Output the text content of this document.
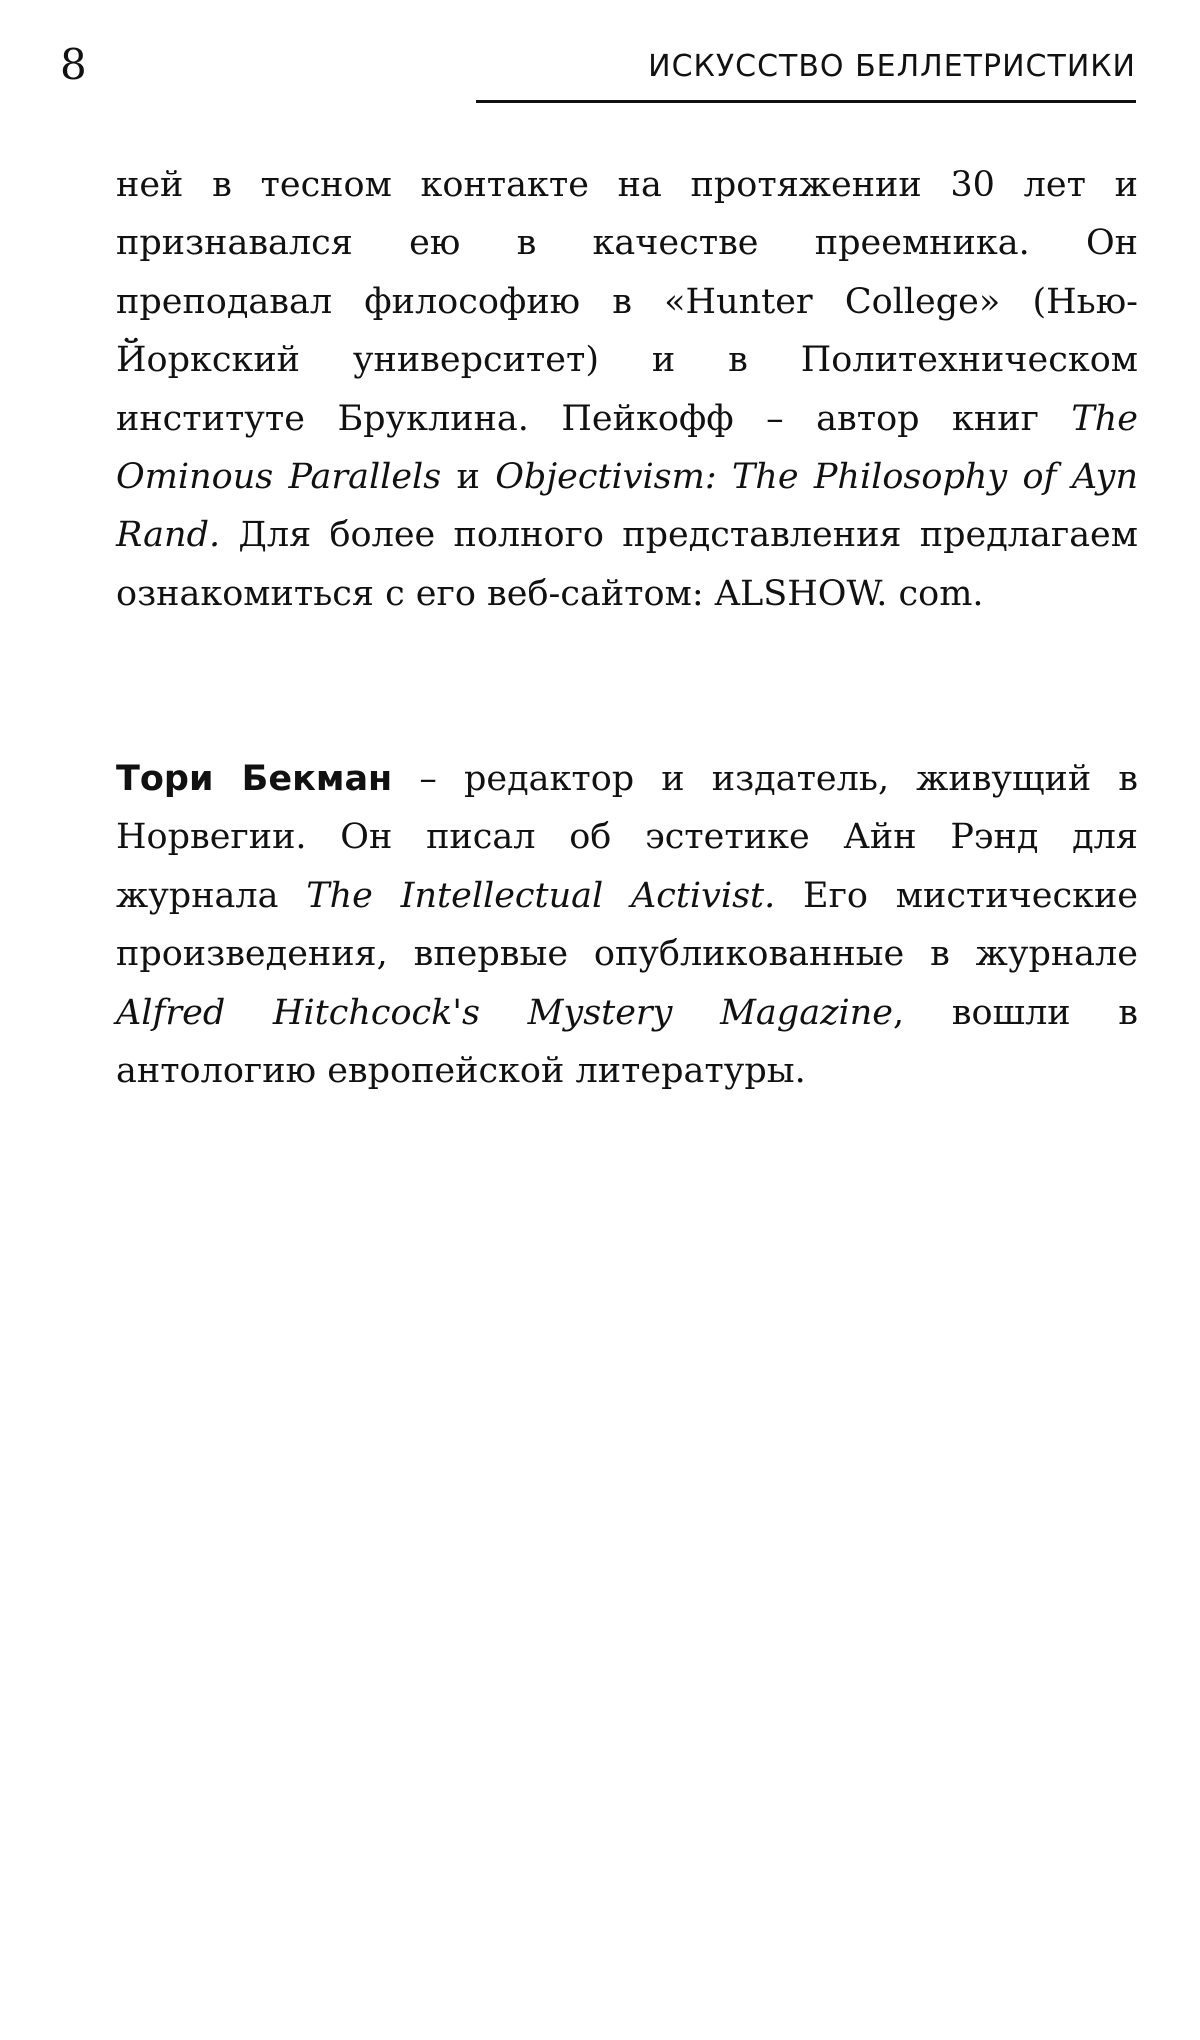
8	ИСКУССТВО БЕЛЛЕТРИСТИКИ

ней в тесном контакте на протяжении 30 лет и признавался ею в качестве преемника. Он преподавал философию в «Hunter College» (Нью-Йоркский университет) и в Политехническом институте Бруклина. Пейкофф – автор книг The Ominous Parallels и Objectivism: The Philosophy of Ayn Rand. Для более полного представления предлагаем ознакомиться с его веб-сайтом: ALSHOW. com.

Тори Бекман – редактор и издатель, живущий в Норвегии. Он писал об эстетике Айн Рэнд для журнала The Intellectual Activist. Его мистические произведения, впервые опубликованные в журнале Alfred Hitchcock's Mystery Magazine, вошли в антологию европейской литературы.
